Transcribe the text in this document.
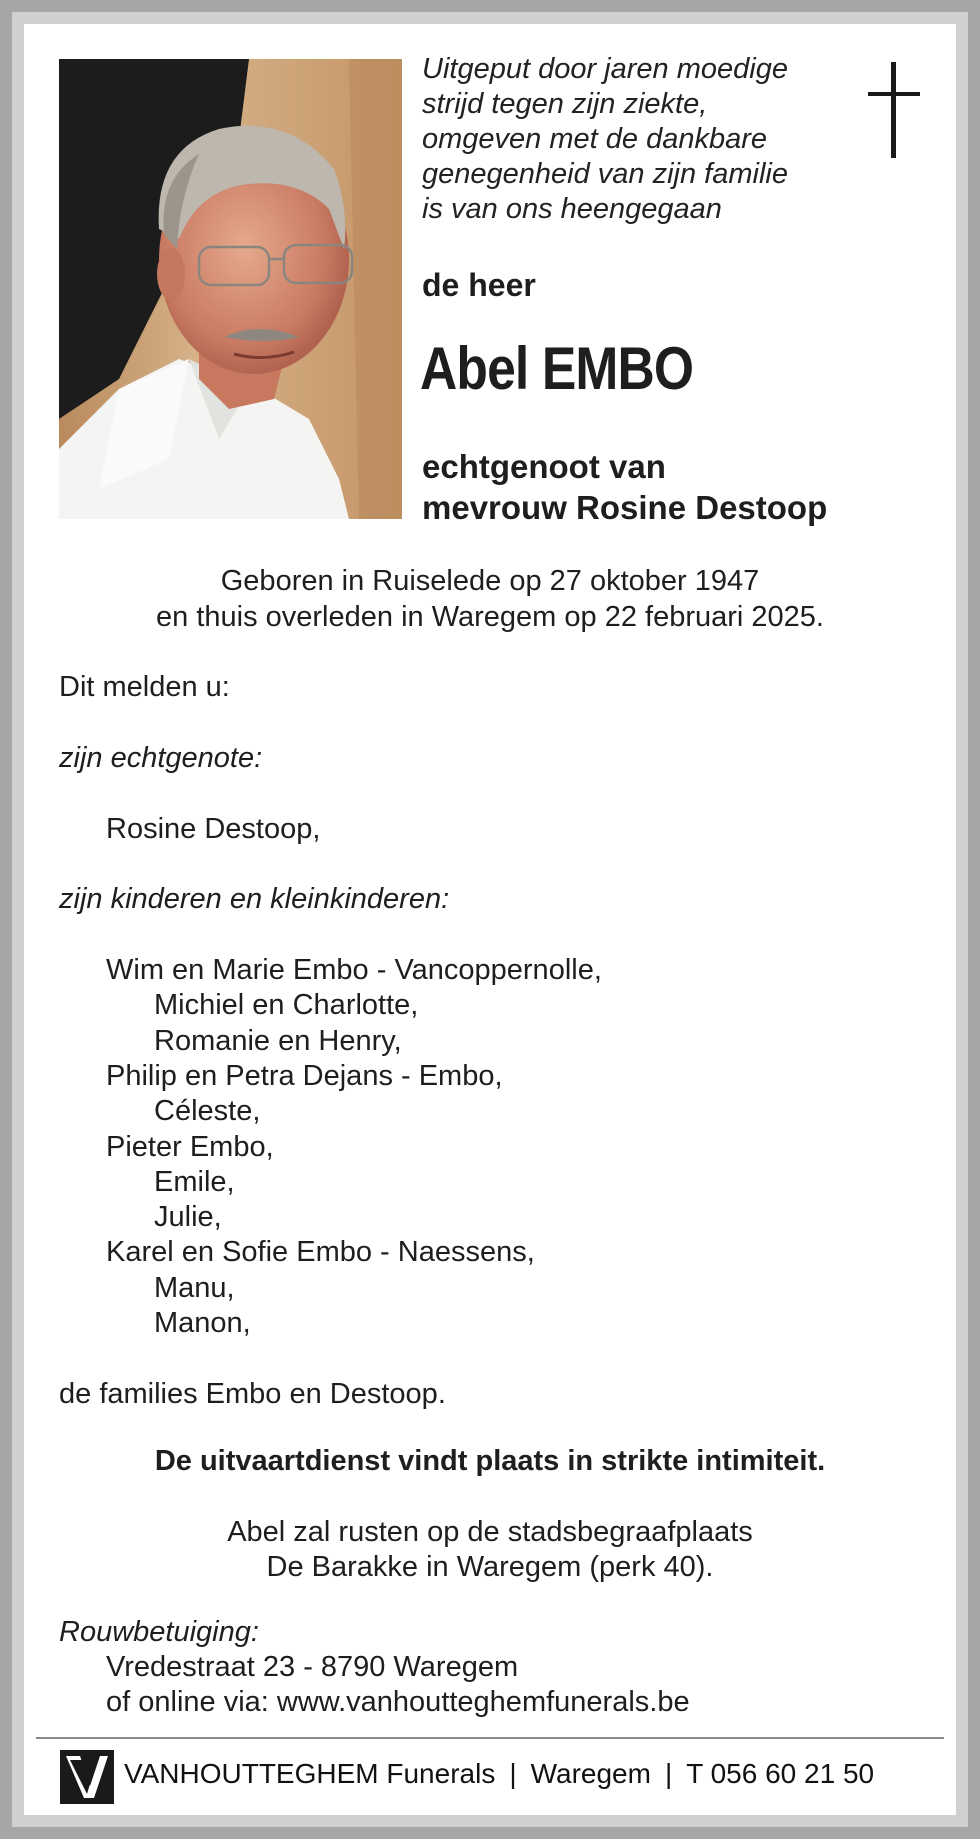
Uitgeput door jaren moedige
strijd tegen zijn ziekte,
omgeven met de dankbare
genegenheid van zijn familie
is van ons heengegaan
de heer
Abel EMBO
echtgenoot van
mevrouw Rosine Destoop
Geboren in Ruiselede op 27 oktober 1947
en thuis overleden in Waregem op 22 februari 2025.
Dit melden u:
zijn echtgenote:
Rosine Destoop,
zijn kinderen en kleinkinderen:
Wim en Marie Embo - Vancoppernolle,
Michiel en Charlotte,
Romanie en Henry,
Philip en Petra Dejans - Embo,
Céleste,
Pieter Embo,
Emile,
Julie,
Karel en Sofie Embo - Naessens,
Manu,
Manon,
de families Embo en Destoop.
De uitvaartdienst vindt plaats in strikte intimiteit.
Abel zal rusten op de stadsbegraafplaats
De Barakke in Waregem (perk 40).
Rouwbetuiging:
Vredestraat 23 - 8790 Waregem
of online via: www.vanhoutteghemfunerals.be
VANHOUTTEGHEM Funerals | Waregem | T 056 60 21 50
